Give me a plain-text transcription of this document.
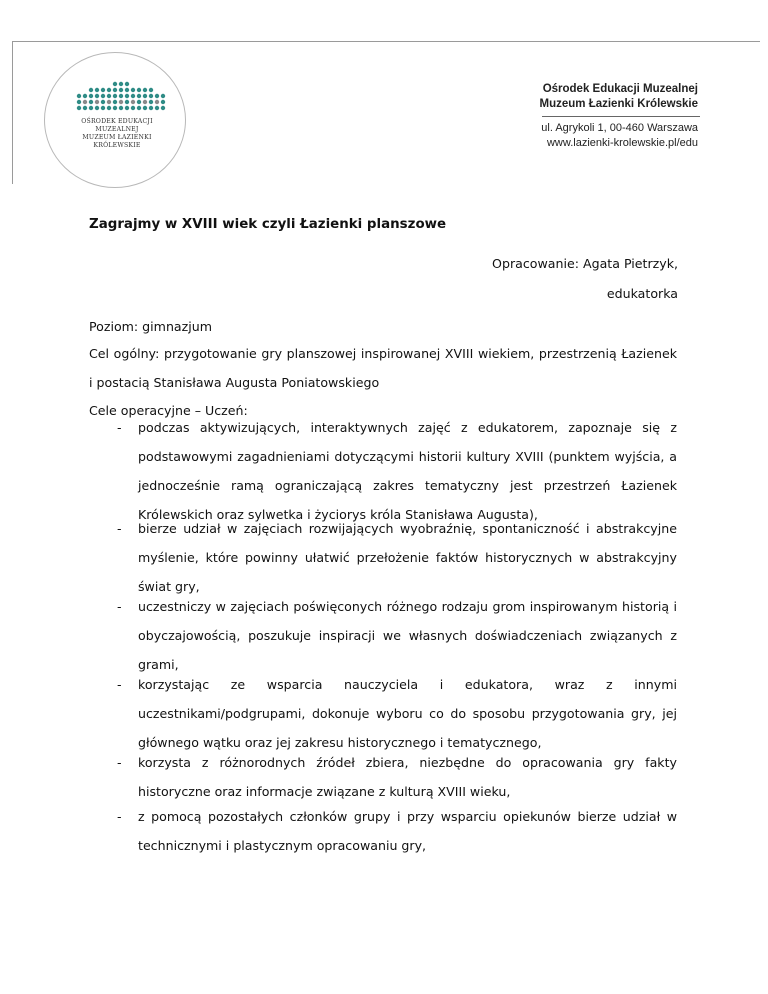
OŚRODEK EDUKACJI MUZEALNEJ
MUZEUM ŁAZIENKI KRÓLEWSKIE
Ośrodek Edukacji Muzealnej
Muzeum Łazienki Królewskie
ul. Agrykoli 1, 00-460 Warszawa
www.lazienki-krolewskie.pl/edu
Zagrajmy w XVIII wiek czyli Łazienki planszowe
Opracowanie: Agata Pietrzyk,
edukatorka
Poziom: gimnazjum
Cel ogólny: przygotowanie gry planszowej inspirowanej XVIII wiekiem, przestrzenią Łazienek i postacią Stanisława Augusta Poniatowskiego
Cele operacyjne – Uczeń:
- podczas aktywizujących, interaktywnych zajęć z edukatorem, zapoznaje się z podstawowymi zagadnieniami dotyczącymi historii kultury XVIII (punktem wyjścia, a jednocześnie ramą ograniczającą zakres tematyczny jest przestrzeń Łazienek Królewskich oraz sylwetka i życiorys króla Stanisława Augusta),
- bierze udział w zajęciach rozwijających wyobraźnię, spontaniczność i abstrakcyjne myślenie, które powinny ułatwić przełożenie faktów historycznych w abstrakcyjny świat gry,
- uczestniczy w zajęciach poświęconych różnego rodzaju grom inspirowanym historią i obyczajowością, poszukuje inspiracji we własnych doświadczeniach związanych z grami,
- korzystając ze wsparcia nauczyciela i edukatora, wraz z innymi uczestnikami/podgrupami, dokonuje wyboru co do sposobu przygotowania gry, jej głównego wątku oraz jej zakresu historycznego i tematycznego,
- korzysta z różnorodnych źródeł zbiera, niezbędne do opracowania gry fakty historyczne oraz informacje związane z kulturą XVIII wieku,
- z pomocą pozostałych członków grupy i przy wsparciu opiekunów bierze udział w technicznymi i plastycznym opracowaniu gry,
